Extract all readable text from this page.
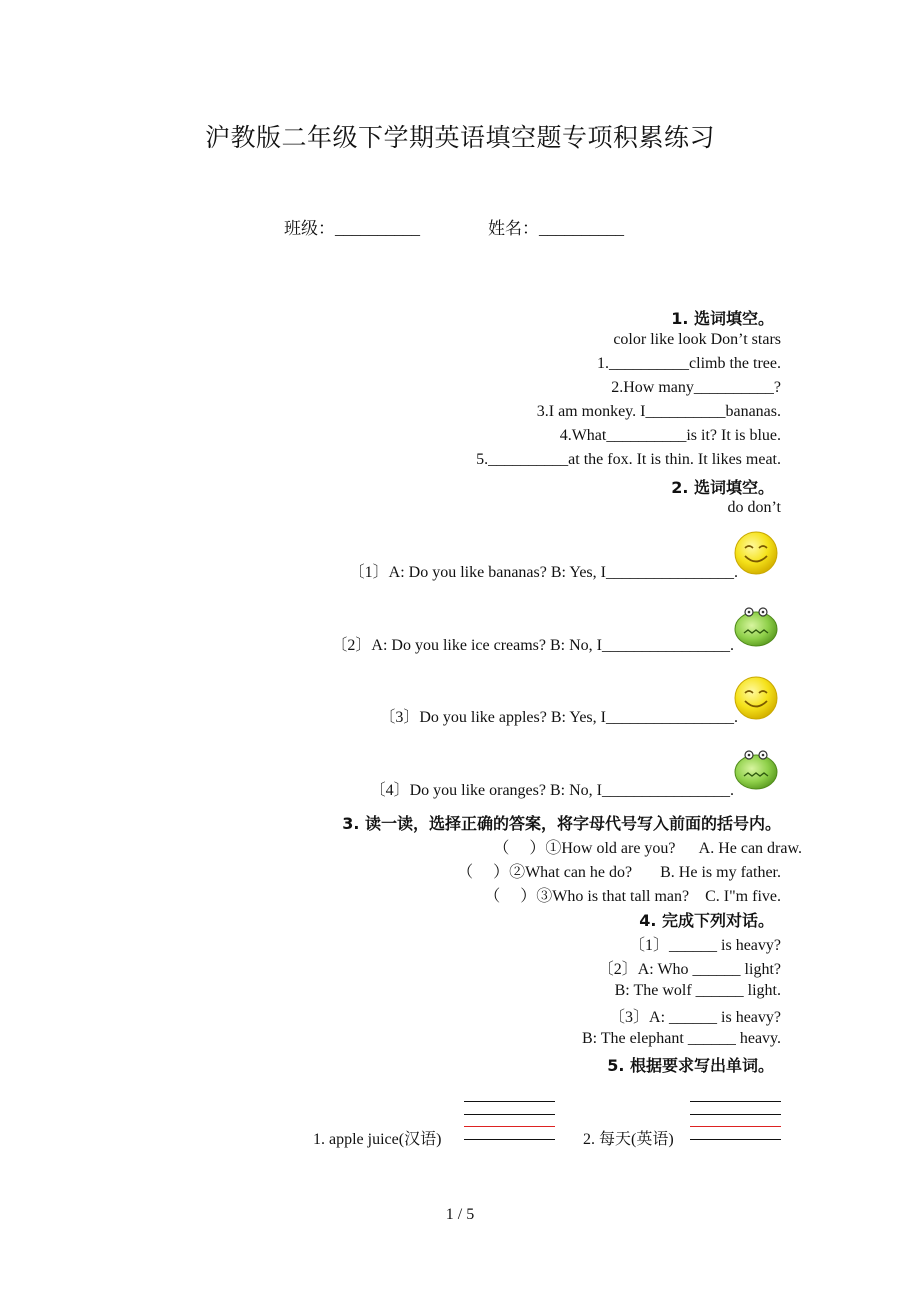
沪教版二年级下学期英语填空题专项积累练习
班级：__________	姓名：__________
1. 选词填空。
color like look Don’t stars
1.__________climb the tree.
2.How many__________?
3.I am monkey. I__________bananas.
4.What__________is it? It is blue.
5.__________at the fox. It is thin. It likes meat.
2. 选词填空。
do don’t
〔1〕A: Do you like bananas? B: Yes, I________________.
〔2〕A: Do you like ice creams? B: No, I________________.
〔3〕Do you like apples? B: Yes, I________________.
〔4〕Do you like oranges? B: No, I________________.
3. 读一读，选择正确的答案，将字母代号写入前面的括号内。
（　 ）①How old are you?      A. He can draw.
（　 ）②What can he do?       B. He is my father.
（　 ）③Who is that tall man?    C. I"m five.
4. 完成下列对话。
〔1〕______ is heavy?
〔2〕A: Who ______ light?
B: The wolf ______ light.
〔3〕A: ______ is heavy?
B: The elephant ______ heavy.
5. 根据要求写出单词。
1. apple juice(汉语)	2. 每天(英语)
1 / 5
